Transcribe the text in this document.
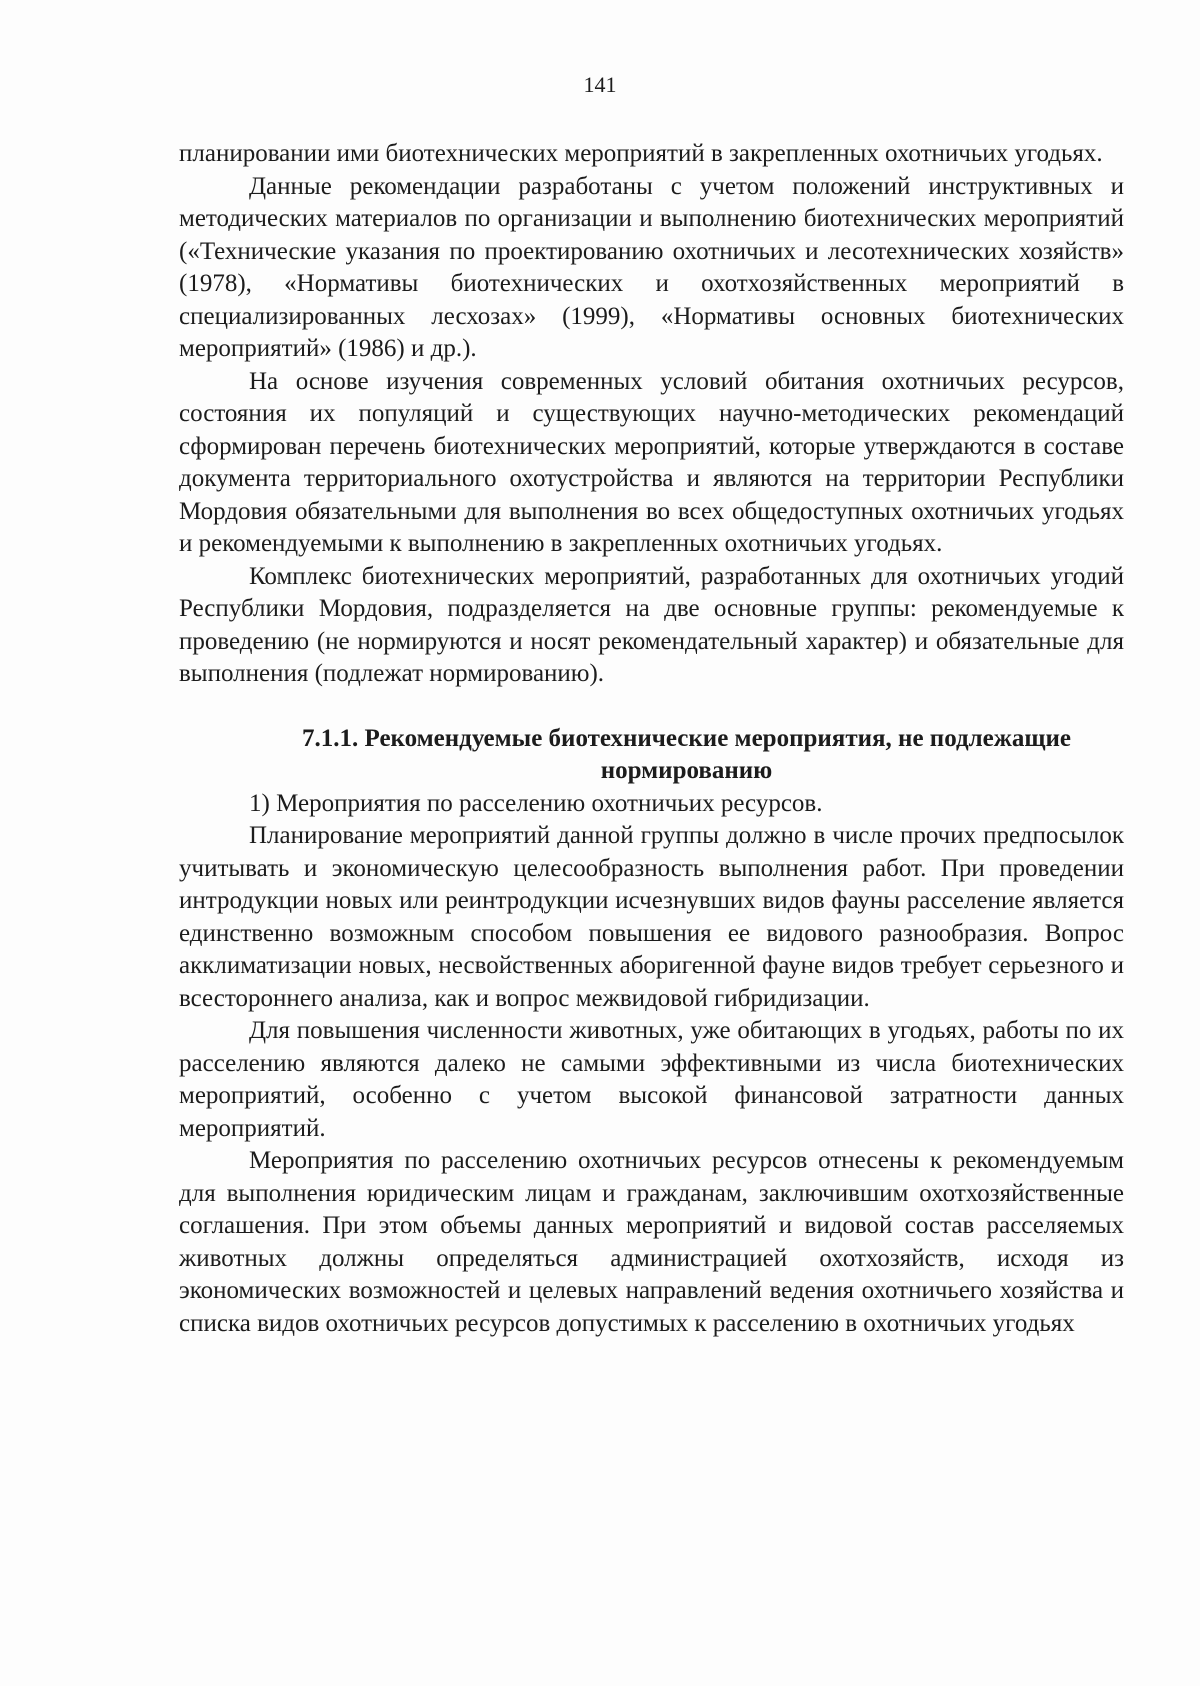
141

планировании ими биотехнических мероприятий в закрепленных охотничьих угодьях.

Данные рекомендации разработаны с учетом положений инструктивных и методических материалов по организации и выполнению биотехнических мероприятий («Технические указания по проектированию охотничьих и лесотехнических хозяйств» (1978), «Нормативы биотехнических и охотхозяйственных мероприятий в специализированных лесхозах» (1999), «Нормативы основных биотехнических мероприятий» (1986) и др.).

На основе изучения современных условий обитания охотничьих ресурсов, состояния их популяций и существующих научно-методических рекомендаций сформирован перечень биотехнических мероприятий, которые утверждаются в составе документа территориального охотустройства и являются на территории Республики Мордовия обязательными для выполнения во всех общедоступных охотничьих угодьях и рекомендуемыми к выполнению в закрепленных охотничьих угодьях.

Комплекс биотехнических мероприятий, разработанных для охотничьих угодий Республики Мордовия, подразделяется на две основные группы: рекомендуемые к проведению (не нормируются и носят рекомендательный характер) и обязательные для выполнения (подлежат нормированию).

7.1.1. Рекомендуемые биотехнические мероприятия, не подлежащие нормированию

1) Мероприятия по расселению охотничьих ресурсов.

Планирование мероприятий данной группы должно в числе прочих предпосылок учитывать и экономическую целесообразность выполнения работ. При проведении интродукции новых или реинтродукции исчезнувших видов фауны расселение является единственно возможным способом повышения ее видового разнообразия. Вопрос акклиматизации новых, несвойственных аборигенной фауне видов требует серьезного и всестороннего анализа, как и вопрос межвидовой гибридизации.

Для повышения численности животных, уже обитающих в угодьях, работы по их расселению являются далеко не самыми эффективными из числа биотехнических мероприятий, особенно с учетом высокой финансовой затратности данных мероприятий.

Мероприятия по расселению охотничьих ресурсов отнесены к рекомендуемым для выполнения юридическим лицам и гражданам, заключившим охотхозяйственные соглашения. При этом объемы данных мероприятий и видовой состав расселяемых животных должны определяться администрацией охотхозяйств, исходя из экономических возможностей и целевых направлений ведения охотничьего хозяйства и списка видов охотничьих ресурсов допустимых к расселению в охотничьих угодьях
